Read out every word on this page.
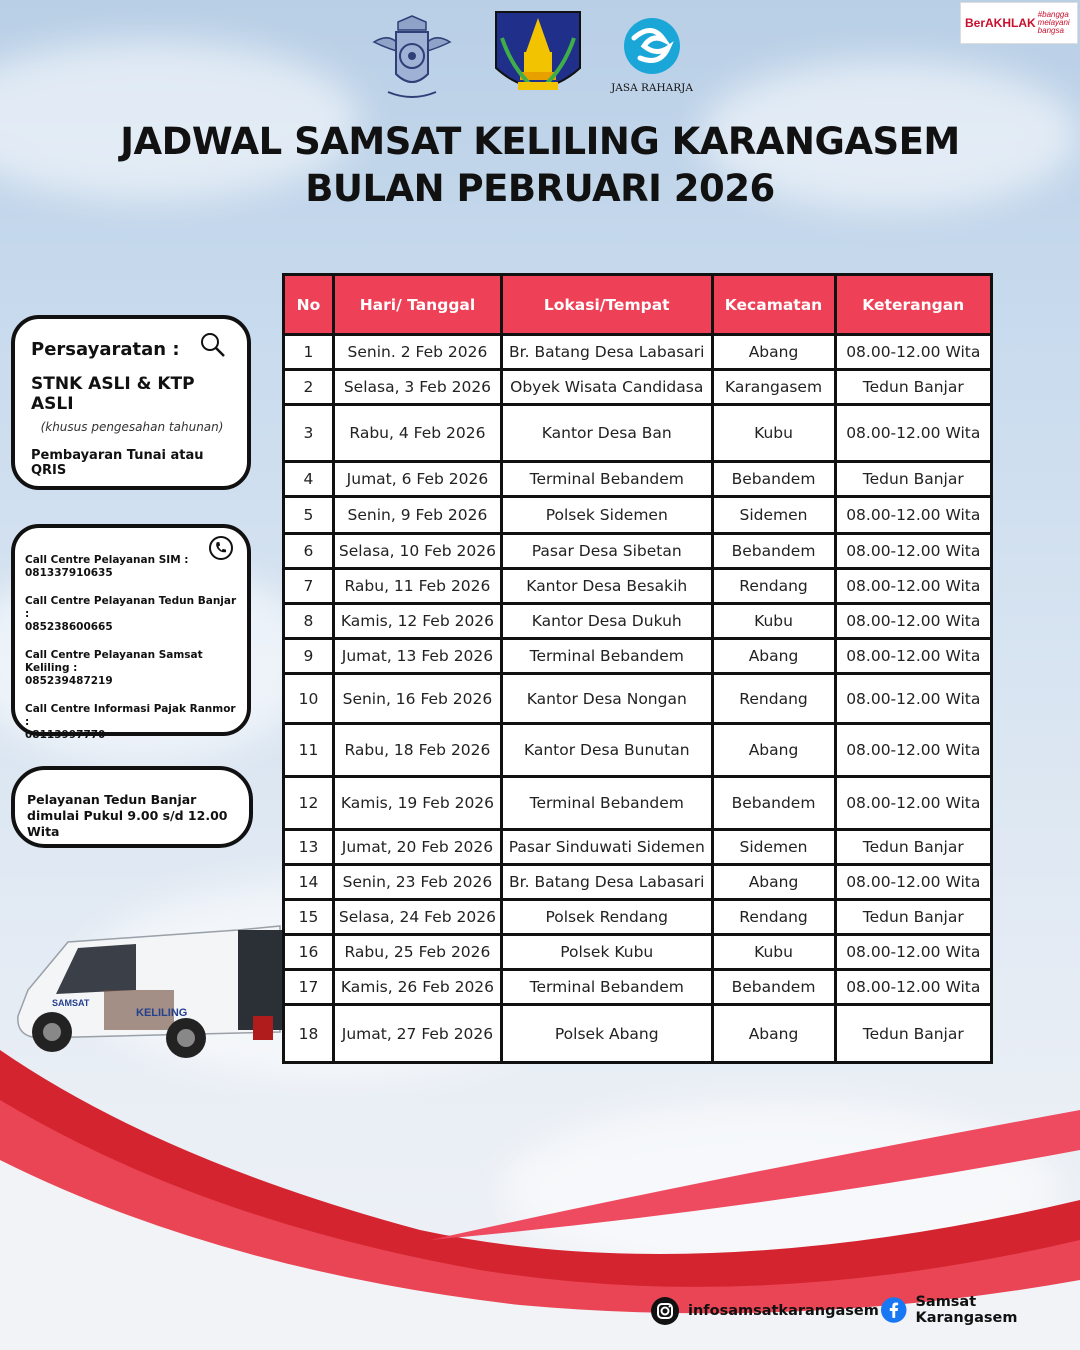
BerAKHLAK
#bangga melayani bangsa
JASA RAHARJA
JADWAL SAMSAT KELILING KARANGASEM
BULAN PEBRUARI 2026
Persayaratan :
STNK ASLI & KTP ASLI
(khusus pengesahan tahunan)
Pembayaran Tunai atau QRIS
Call Centre Pelayanan SIM :
081337910635
Call Centre Pelayanan Tedun Banjar :
085238600665
Call Centre Pelayanan Samsat Keliling :
085239487219
Call Centre Informasi Pajak Ranmor :
08113997770
Pelayanan Tedun Banjar
dimulai Pukul 9.00 s/d 12.00 Wita
SAMSAT
KELILING
No	Hari/ Tanggal	Lokasi/Tempat	Kecamatan	Keterangan
1	Senin. 2 Feb 2026	Br. Batang Desa Labasari	Abang	08.00-12.00 Wita
2	Selasa, 3 Feb 2026	Obyek Wisata Candidasa	Karangasem	Tedun Banjar
3	Rabu, 4 Feb 2026	Kantor Desa Ban	Kubu	08.00-12.00 Wita
4	Jumat, 6 Feb 2026	Terminal Bebandem	Bebandem	Tedun Banjar
5	Senin, 9 Feb 2026	Polsek Sidemen	Sidemen	08.00-12.00 Wita
6	Selasa, 10 Feb 2026	Pasar Desa Sibetan	Bebandem	08.00-12.00 Wita
7	Rabu, 11 Feb 2026	Kantor Desa Besakih	Rendang	08.00-12.00 Wita
8	Kamis, 12 Feb 2026	Kantor Desa Dukuh	Kubu	08.00-12.00 Wita
9	Jumat, 13 Feb 2026	Terminal Bebandem	Abang	08.00-12.00 Wita
10	Senin, 16 Feb 2026	Kantor Desa Nongan	Rendang	08.00-12.00 Wita
11	Rabu, 18 Feb 2026	Kantor Desa Bunutan	Abang	08.00-12.00 Wita
12	Kamis, 19 Feb 2026	Terminal Bebandem	Bebandem	08.00-12.00 Wita
13	Jumat, 20 Feb 2026	Pasar Sinduwati Sidemen	Sidemen	Tedun Banjar
14	Senin, 23 Feb 2026	Br. Batang Desa Labasari	Abang	08.00-12.00 Wita
15	Selasa, 24 Feb 2026	Polsek Rendang	Rendang	Tedun Banjar
16	Rabu, 25 Feb 2026	Polsek Kubu	Kubu	08.00-12.00 Wita
17	Kamis, 26 Feb 2026	Terminal Bebandem	Bebandem	08.00-12.00 Wita
18	Jumat, 27 Feb 2026	Polsek Abang	Abang	Tedun Banjar
infosamsatkarangasem
Samsat Karangasem
